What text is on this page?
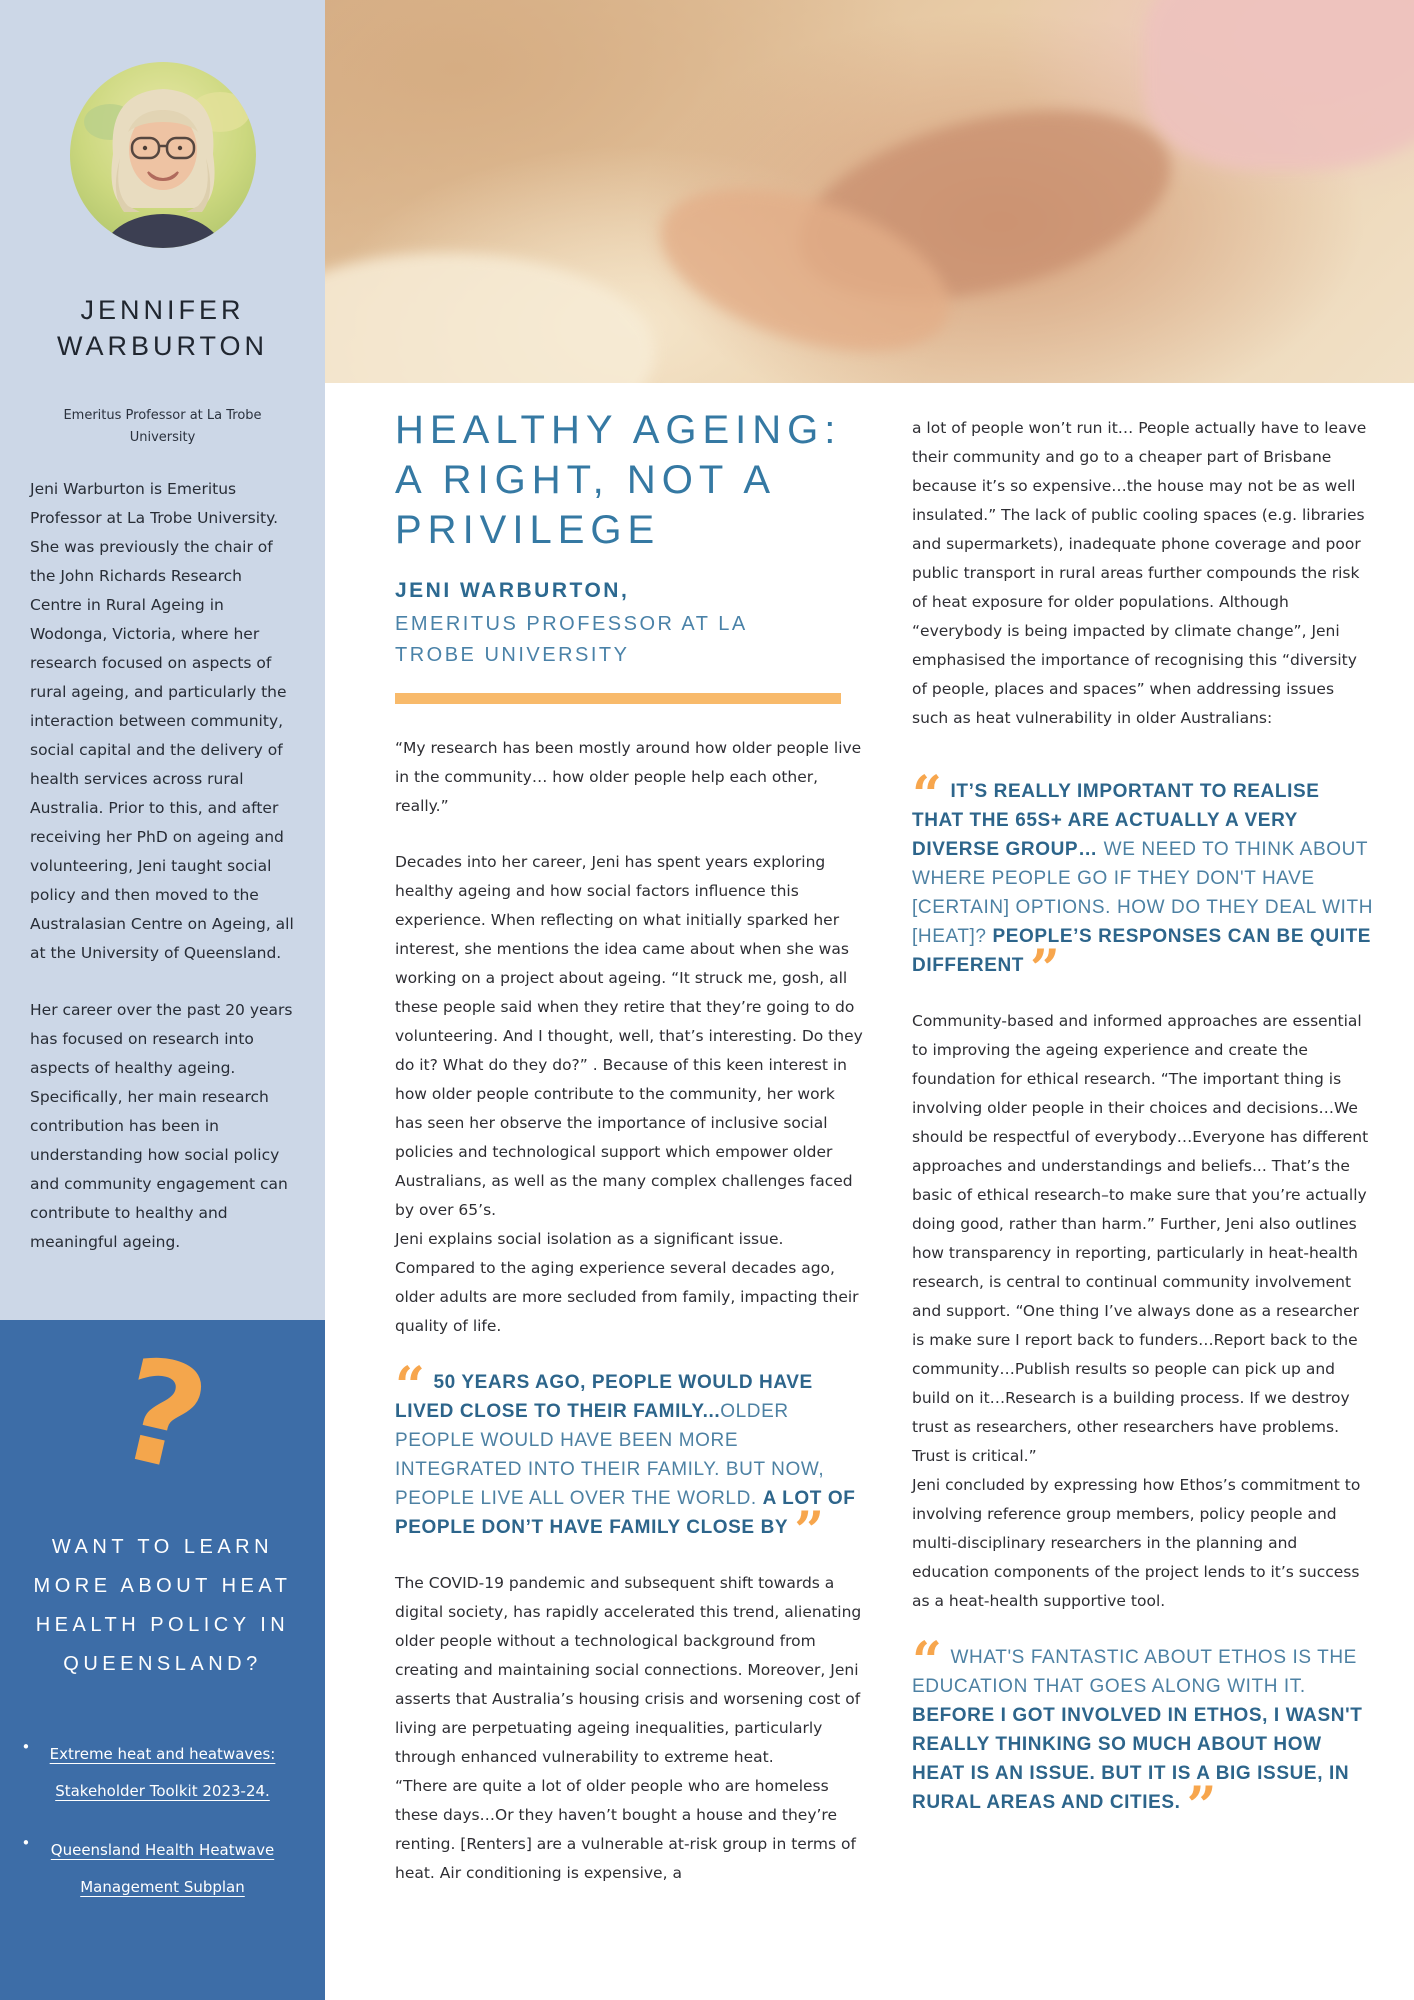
JENNIFER WARBURTON
Emeritus Professor at La Trobe University

Jeni Warburton is Emeritus Professor at La Trobe University. She was previously the chair of the John Richards Research Centre in Rural Ageing in Wodonga, Victoria, where her research focused on aspects of rural ageing, and particularly the interaction between community, social capital and the delivery of health services across rural Australia. Prior to this, and after receiving her PhD on ageing and volunteering, Jeni taught social policy and then moved to the Australasian Centre on Ageing, all at the University of Queensland.

Her career over the past 20 years has focused on research into aspects of healthy ageing. Specifically, her main research contribution has been in understanding how social policy and community engagement can contribute to healthy and meaningful ageing.

?
WANT TO LEARN MORE ABOUT HEAT HEALTH POLICY IN QUEENSLAND?
• Extreme heat and heatwaves: Stakeholder Toolkit 2023-24.
• Queensland Health Heatwave Management Subplan
HEALTHY AGEING:
A RIGHT, NOT A
PRIVILEGE
JENI WARBURTON,
EMERITUS PROFESSOR AT LA
TROBE UNIVERSITY

“My research has been mostly around how older people live in the community… how older people help each other, really.”

Decades into her career, Jeni has spent years exploring healthy ageing and how social factors influence this experience. When reflecting on what initially sparked her interest, she mentions the idea came about when she was working on a project about ageing. “It struck me, gosh, all these people said when they retire that they’re going to do volunteering. And I thought, well, that’s interesting. Do they do it? What do they do?” . Because of this keen interest in how older people contribute to the community, her work has seen her observe the importance of inclusive social policies and technological support which empower older Australians, as well as the many complex challenges faced by over 65’s.

Jeni explains social isolation as a significant issue. Compared to the aging experience several decades ago, older adults are more secluded from family, impacting their quality of life.

“ 50 YEARS AGO, PEOPLE WOULD HAVE LIVED CLOSE TO THEIR FAMILY...OLDER PEOPLE WOULD HAVE BEEN MORE INTEGRATED INTO THEIR FAMILY. BUT NOW, PEOPLE LIVE ALL OVER THE WORLD. A LOT OF PEOPLE DON’T HAVE FAMILY CLOSE BY ”

The COVID-19 pandemic and subsequent shift towards a digital society, has rapidly accelerated this trend, alienating older people without a technological background from creating and maintaining social connections. Moreover, Jeni asserts that Australia’s housing crisis and worsening cost of living are perpetuating ageing inequalities, particularly through enhanced vulnerability to extreme heat.

“There are quite a lot of older people who are homeless these days…Or they haven’t bought a house and they’re renting. [Renters] are a vulnerable at-risk group in terms of heat. Air conditioning is expensive, a

a lot of people won’t run it… People actually have to leave their community and go to a cheaper part of Brisbane because it’s so expensive…the house may not be as well insulated.” The lack of public cooling spaces (e.g. libraries and supermarkets), inadequate phone coverage and poor public transport in rural areas further compounds the risk of heat exposure for older populations. Although “everybody is being impacted by climate change”, Jeni emphasised the importance of recognising this “diversity of people, places and spaces” when addressing issues such as heat vulnerability in older Australians:

“ IT’S REALLY IMPORTANT TO REALISE THAT THE 65S+ ARE ACTUALLY A VERY DIVERSE GROUP… WE NEED TO THINK ABOUT WHERE PEOPLE GO IF THEY DON'T HAVE [CERTAIN] OPTIONS. HOW DO THEY DEAL WITH [HEAT]? PEOPLE’S RESPONSES CAN BE QUITE DIFFERENT ”

Community-based and informed approaches are essential to improving the ageing experience and create the foundation for ethical research. “The important thing is involving older people in their choices and decisions…We should be respectful of everybody…Everyone has different approaches and understandings and beliefs... That’s the basic of ethical research–to make sure that you’re actually doing good, rather than harm.” Further, Jeni also outlines how transparency in reporting, particularly in heat-health research, is central to continual community involvement and support. “One thing I’ve always done as a researcher is make sure I report back to funders…Report back to the community…Publish results so people can pick up and build on it…Research is a building process. If we destroy trust as researchers, other researchers have problems. Trust is critical.”

Jeni concluded by expressing how Ethos’s commitment to involving reference group members, policy people and multi-disciplinary researchers in the planning and education components of the project lends to it’s success as a heat-health supportive tool.

“ WHAT'S FANTASTIC ABOUT ETHOS IS THE EDUCATION THAT GOES ALONG WITH IT. BEFORE I GOT INVOLVED IN ETHOS, I WASN'T REALLY THINKING SO MUCH ABOUT HOW HEAT IS AN ISSUE. BUT IT IS A BIG ISSUE, IN RURAL AREAS AND CITIES. ”
